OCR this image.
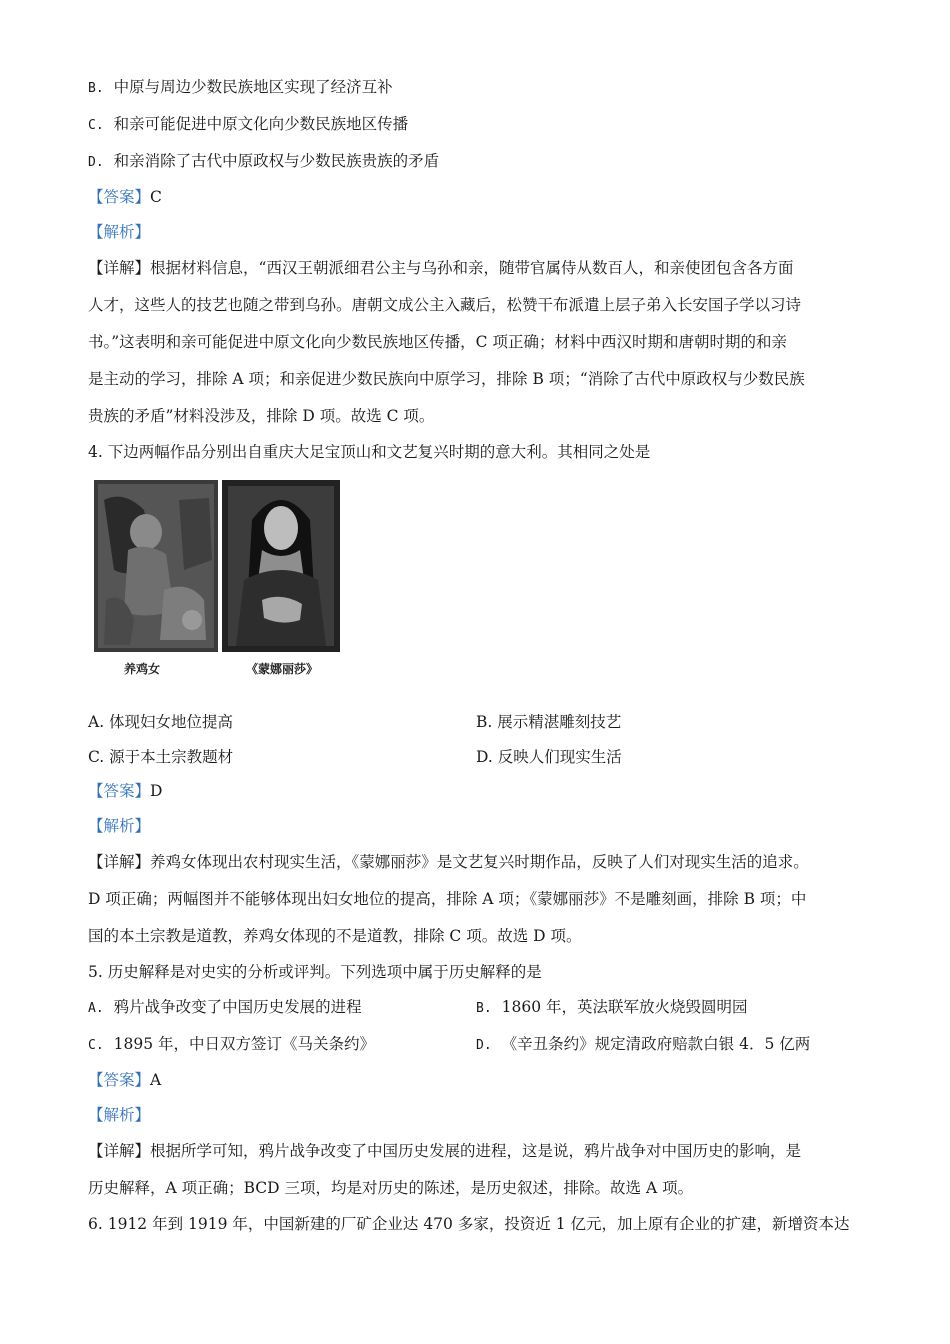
B. 中原与周边少数民族地区实现了经济互补
C. 和亲可能促进中原文化向少数民族地区传播
D. 和亲消除了古代中原政权与少数民族贵族的矛盾
【答案】C
【解析】
【详解】根据材料信息，“西汉王朝派细君公主与乌孙和亲，随带官属侍从数百人，和亲使团包含各方面
人才，这些人的技艺也随之带到乌孙。唐朝文成公主入藏后，松赞干布派遣上层子弟入长安国子学以习诗
书。”这表明和亲可能促进中原文化向少数民族地区传播，C 项正确；材料中西汉时期和唐朝时期的和亲
是主动的学习，排除 A 项；和亲促进少数民族向中原学习，排除 B 项；“消除了古代中原政权与少数民族
贵族的矛盾”材料没涉及，排除 D 项。故选 C 项。
4. 下边两幅作品分别出自重庆大足宝顶山和文艺复兴时期的意大利。其相同之处是
养鸡女	《蒙娜丽莎》
A. 体现妇女地位提高	B. 展示精湛雕刻技艺
C. 源于本土宗教题材	D. 反映人们现实生活
【答案】D
【解析】
【详解】养鸡女体现出农村现实生活，《蒙娜丽莎》是文艺复兴时期作品，反映了人们对现实生活的追求。
D 项正确；两幅图并不能够体现出妇女地位的提高，排除 A 项；《蒙娜丽莎》不是雕刻画，排除 B 项；中
国的本土宗教是道教，养鸡女体现的不是道教，排除 C 项。故选 D 项。
5. 历史解释是对史实的分析或评判。下列选项中属于历史解释的是
A. 鸦片战争改变了中国历史发展的进程	B. 1860 年，英法联军放火烧毁圆明园
C. 1895 年，中日双方签订《马关条约》	D. 《辛丑条约》规定清政府赔款白银 4．5 亿两
【答案】A
【解析】
【详解】根据所学可知，鸦片战争改变了中国历史发展的进程，这是说，鸦片战争对中国历史的影响，是
历史解释，A 项正确；BCD 三项，均是对历史的陈述，是历史叙述，排除。故选 A 项。
6. 1912 年到 1919 年，中国新建的厂矿企业达 470 多家，投资近 1 亿元，加上原有企业的扩建，新增资本达
